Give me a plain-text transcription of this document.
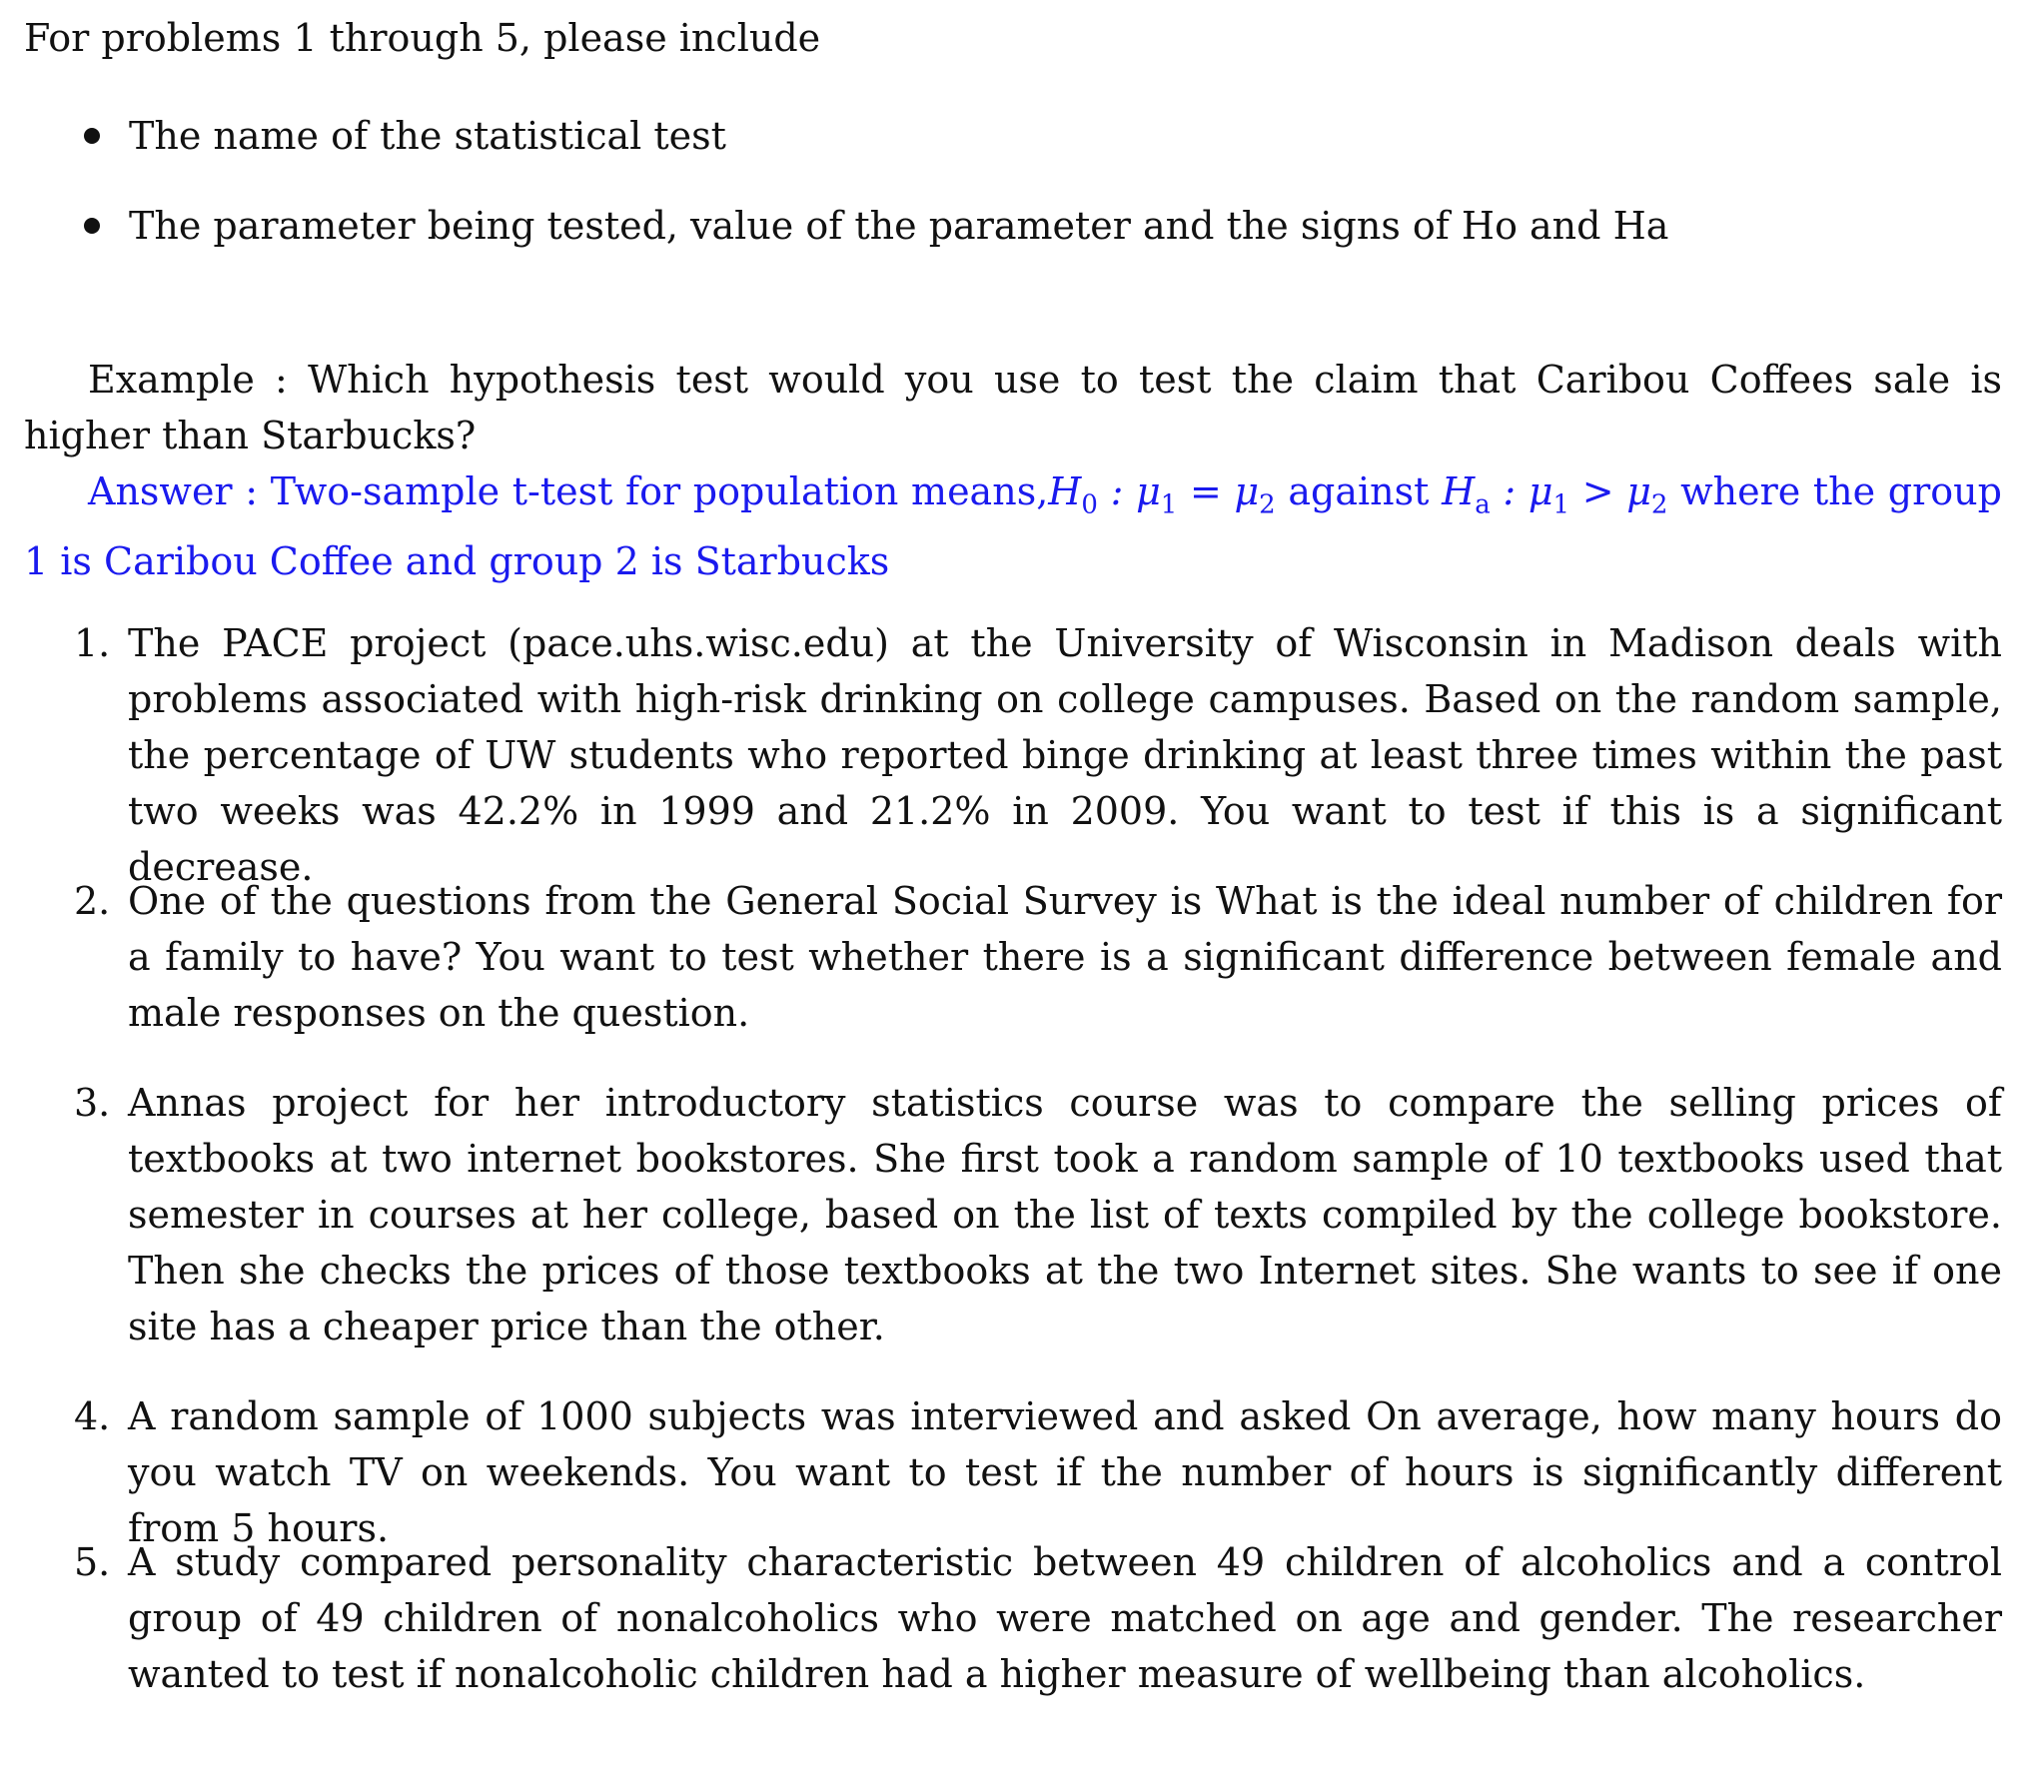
For problems 1 through 5, please include
The name of the statistical test
The parameter being tested, value of the parameter and the signs of Ho and Ha

Example : Which hypothesis test would you use to test the claim that Caribou Coffees sale is higher than Starbucks?

Answer : Two-sample t-test for population $means,H_0$ : $\mu_1 = \mu_2$ against $H_a$ : $\mu_1 > \mu_2$ where the group 1 is Caribou Coffee and group 2 is Starbucks

1. The PACE project (pace.uhs.wisc.edu) at the University of Wisconsin in Madison deals with problems associated with high-risk drinking on college campuses. Based on the random sample, the percentage of UW students who reported binge drinking at least three times within the past two weeks was 42.2% in 1999 and 21.2% in 2009. You want to test if this is a significant decrease.
2. One of the questions from the General Social Survey is What is the ideal number of children for a family to have? You want to test whether there is a significant difference between female and male responses on the question.
3. Annas project for her introductory statistics course was to compare the selling prices of textbooks at two internet bookstores. She first took a random sample of 10 textbooks used that semester in courses at her college, based on the list of texts compiled by the college bookstore. Then she checks the prices of those textbooks at the two Internet sites. She wants to see if one site has a cheaper price than the other.
4. A random sample of 1000 subjects was interviewed and asked On average, how many hours do you watch TV on weekends. You want to test if the number of hours is significantly different from 5 hours.
5. A study compared personality characteristic between 49 children of alcoholics and a control group of 49 children of nonalcoholics who were matched on age and gender. The researcher wanted to test if nonalcoholic children had a higher measure of wellbeing than alcoholics.
